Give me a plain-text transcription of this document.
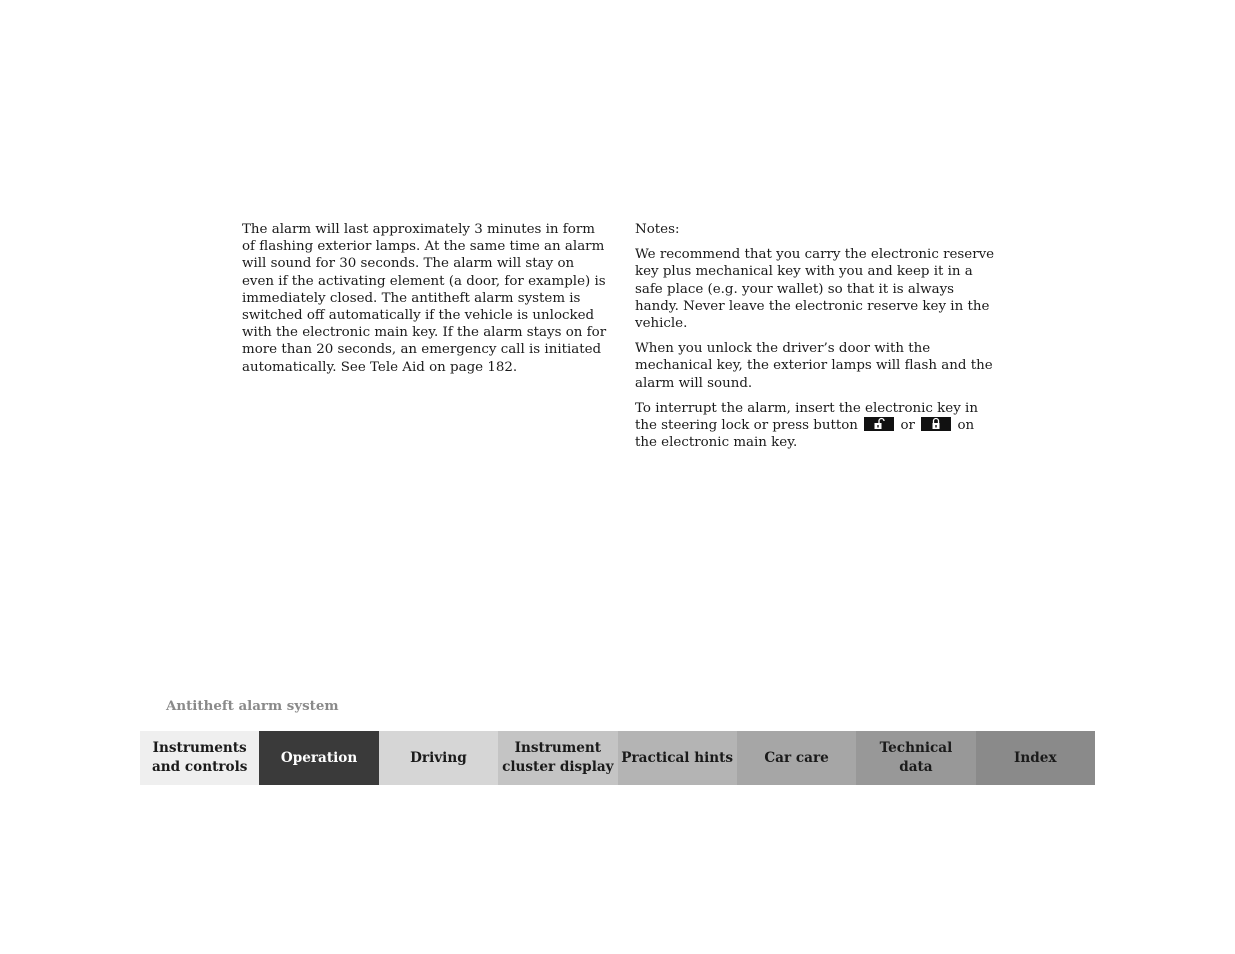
The alarm will last approximately 3 minutes in form of flashing exterior lamps. At the same time an alarm will sound for 30 seconds. The alarm will stay on even if the activating element (a door, for example) is immediately closed. The antitheft alarm system is switched off automatically if the vehicle is unlocked with the electronic main key. If the alarm stays on for more than 20 seconds, an emergency call is initiated automatically. See Tele Aid on page 182.

Notes:

We recommend that you carry the electronic reserve key plus mechanical key with you and keep it in a safe place (e.g. your wallet) so that it is always handy. Never leave the electronic reserve key in the vehicle.

When you unlock the driver’s door with the mechanical key, the exterior lamps will flash and the alarm will sound.

To interrupt the alarm, insert the electronic key in the steering lock or press button	or	on the electronic main key.

Antitheft alarm system
Instruments
and controls
Operation	Driving
Instrument
cluster display
Practical hints	Car care
Technical
data
Index
